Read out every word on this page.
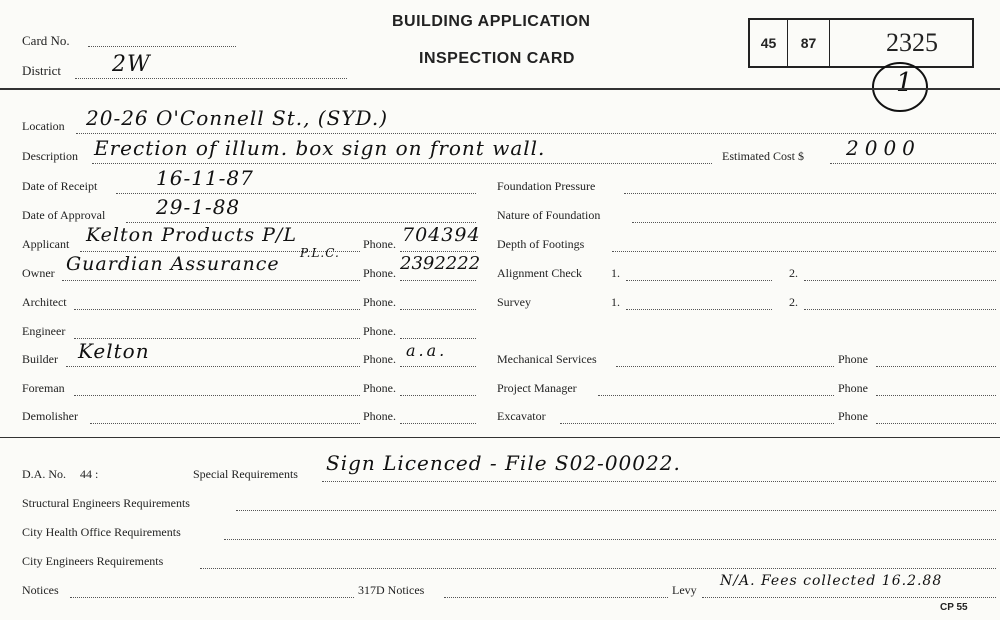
Card No.
District 2W
BUILDING APPLICATION
INSPECTION CARD
45	87	2325
1
Location 20-26 O'Connell St., (SYD.)
Description Erection of illum. box sign on front wall.	Estimated Cost $ 2000
Date of Receipt	16-11-87
Date of Approval	29-1-88
Applicant Kelton Products P/L	Phone. 704394
Owner Guardian Assurance P.L.C.
Phone. 2392222
Architect	Phone.
Engineer	Phone.
Builder Kelton	Phone. a.a.
Foreman	Phone.
Demolisher	Phone.
Foundation Pressure
Nature of Foundation
Depth of Footings
Alignment Check 1.	2.
Survey	1.	2.
Mechanical Services	Phone
Project Manager	Phone
Excavator	Phone
D.A. No. 44 :	Special Requirements Sign Licenced - File S02-00022.
Structural Engineers Requirements
City Health Office Requirements
City Engineers Requirements
Notices	317D Notices	Levy
N/A. Fees collected 16.2.88
CP 55
